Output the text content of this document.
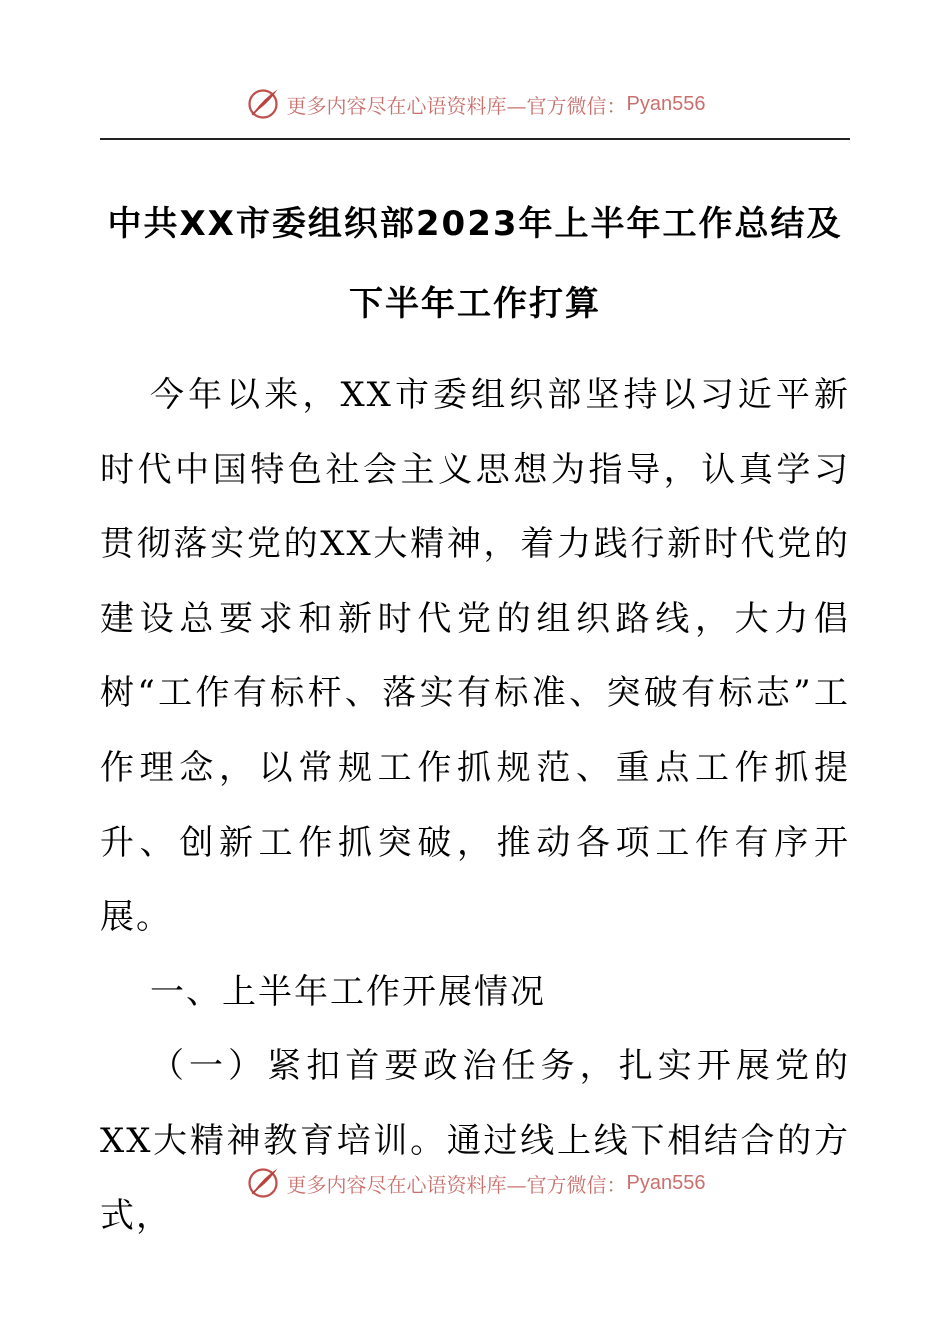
更多内容尽在心语资料库—官方微信： Pyan556
中共XX市委组织部2023年上半年工作总结及下半年工作打算

今年以来，XX市委组织部坚持以习近平新时代中国特色社会主义思想为指导，认真学习贯彻落实党的XX大精神，着力践行新时代党的建设总要求和新时代党的组织路线，大力倡树“工作有标杆、落实有标准、突破有标志”工作理念，以常规工作抓规范、重点工作抓提升、创新工作抓突破，推动各项工作有序开展。

一、上半年工作开展情况

（一）紧扣首要政治任务，扎实开展党的XX大精神教育培训。通过线上线下相结合的方式，

更多内容尽在心语资料库—官方微信： Pyan556
